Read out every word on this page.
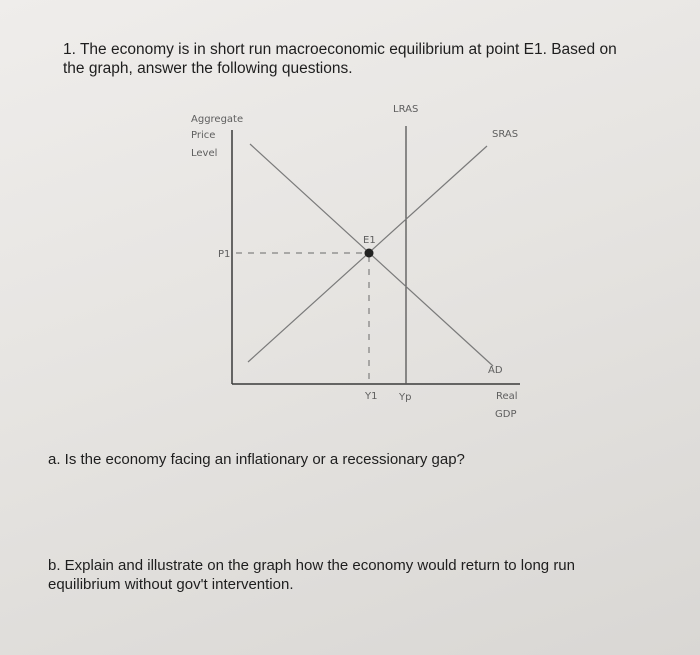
1. The economy is in short run macroeconomic equilibrium at point E1. Based on
the graph, answer the following questions.
Aggregate
Price
Level
LRAS
SRAS
AD
E1
P1
Y1 Yp	Real
GDP
a. Is the economy facing an inflationary or a recessionary gap?
b. Explain and illustrate on the graph how the economy would return to long run
equilibrium without gov't intervention.
